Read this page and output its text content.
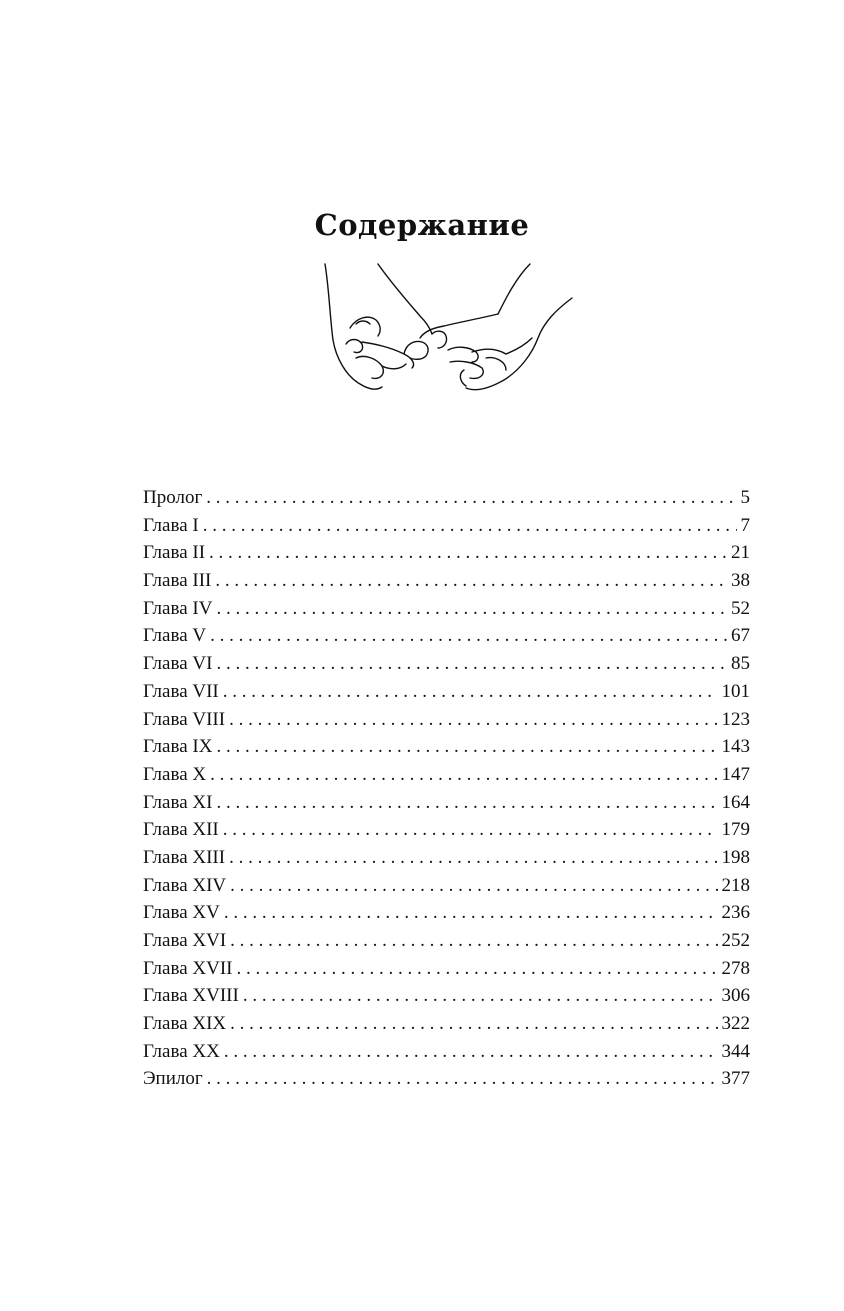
Содержание
Пролог . . .	5
Глава I . . .	7
Глава II . . .	21
Глава III . . .	38
Глава IV . . .	52
Глава V . . .	67
Глава VI . . .	85
Глава VII . . .	101
Глава VIII . . .	123
Глава IX . . .	143
Глава X . . .	147
Глава XI . . .	164
Глава XII . . .	179
Глава XIII . . .	198
Глава XIV . . .	218
Глава XV . . .	236
Глава XVI . . .	252
Глава XVII . . .	278
Глава XVIII . . .	306
Глава XIX . . .	322
Глава XX . . .	344
Эпилог . . .	377
